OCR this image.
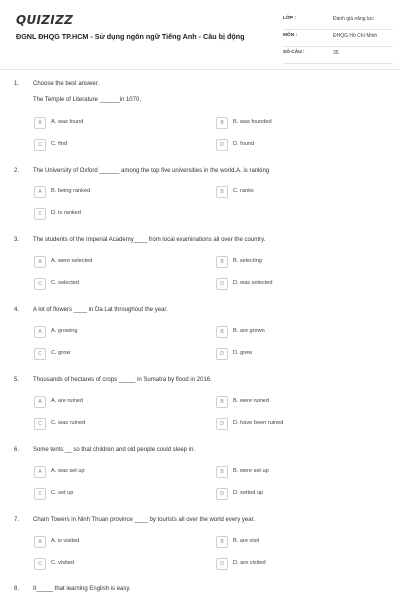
QUIZIZZ
ĐGNL ĐHQG TP.HCM - Sử dụng ngôn ngữ Tiếng Anh - Câu bị động
LỚP :	Đánh giá năng lực
MÔN :	ĐHQG Hồ Chí Minh
SỐ CÂU :	35
1. Choose the best answer.
The Temple of Literature ______in 1070.
A	A. was found	B	B. was founded
C	C. find	D	D. found
2. The University of Oxford ______ among the top five universities in the world.A. is ranking
A	B. being ranked	B	C. ranks
C	D. is ranked
3. The students of the Imperial Academy____ from local examinations all over the country.
A	A. were selected	B	B. selecting
C	C. selected	D	D. was selected
4. A lot of flowers ____ in Da Lat throughout the year.
A	A. growing	B	B. are grown
C	C. grow	D	D. grew
5. Thousands of hectares of crops _____ in Sumatra by flood in 2016.
A	A. are ruined	B	B. were ruined
C	C. was ruined	D	D. have been ruined
6. Some tents __ so that children and old people could sleep in.
A	A. was set up	B	B. were set up
C	C. set up	D	D. setted up
7. Cham Towers in Ninh Thuan province ____ by tourists all over the world every year.
A	A. is visited	B	B. are visit
C	C. visited	D	D. are visited
8. It_____ that learning English is easy.
